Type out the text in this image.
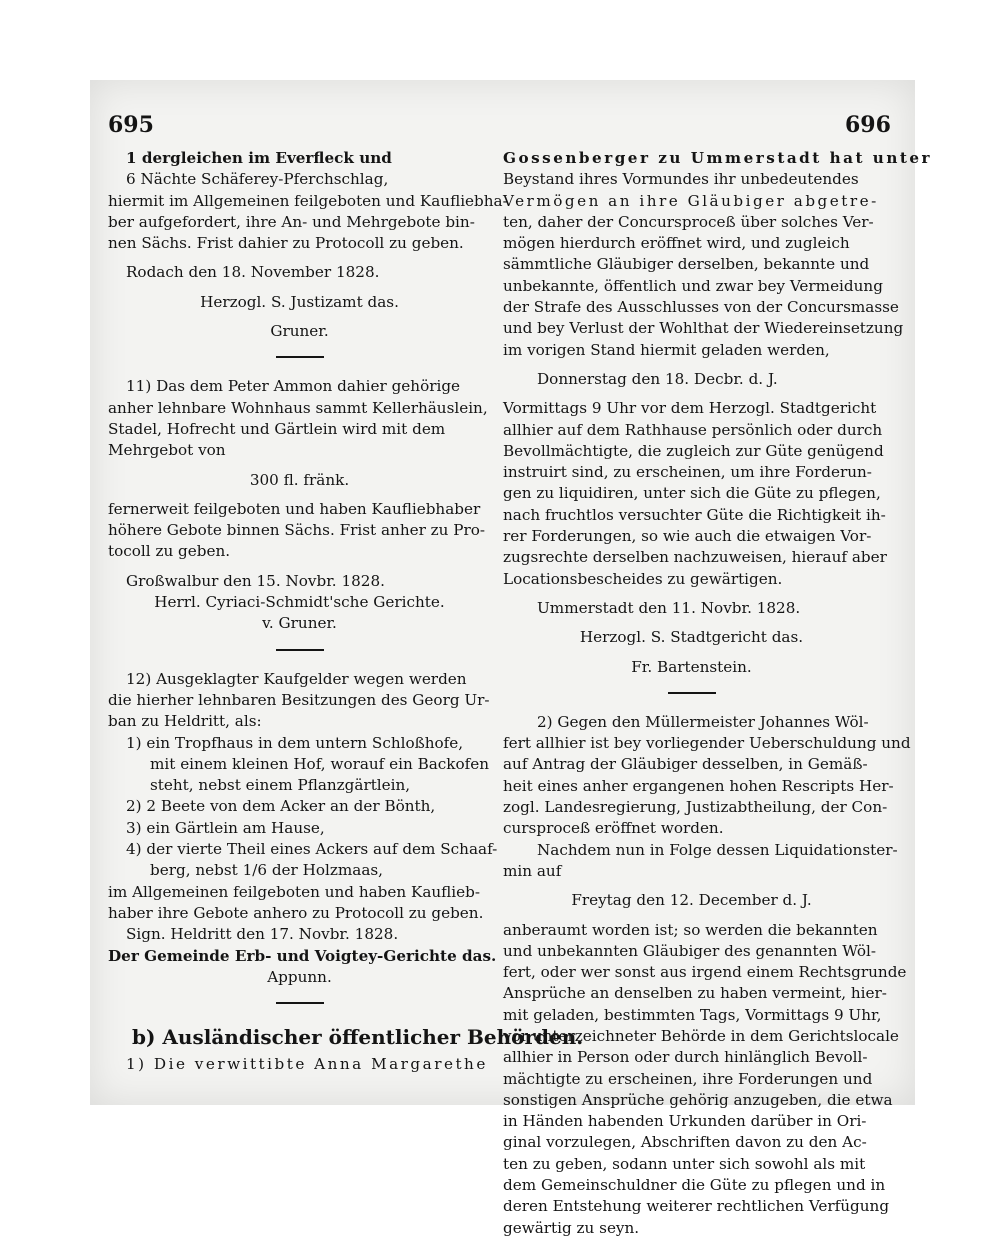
695	696
1 dergleichen im Everfleck und
6 Nächte Schäferey-Pferchschlag,
hiermit im Allgemeinen feilgeboten und Kaufliebha-
ber aufgefordert, ihre An- und Mehrgebote bin-
nen Sächs. Frist dahier zu Protocoll zu geben.
Rodach den 18. November 1828.
Herzogl. S. Justizamt das.
Gruner.
11) Das dem Peter Ammon dahier gehörige
anher lehnbare Wohnhaus sammt Kellerhäuslein,
Stadel, Hofrecht und Gärtlein wird mit dem
Mehrgebot von
300 fl. fränk.
fernerweit feilgeboten und haben Kaufliebhaber
höhere Gebote binnen Sächs. Frist anher zu Pro-
tocoll zu geben.
Großwalbur den 15. Novbr. 1828.
Herrl. Cyriaci-Schmidt'sche Gerichte.
v. Gruner.
12) Ausgeklagter Kaufgelder wegen werden
die hierher lehnbaren Besitzungen des Georg Ur-
ban zu Heldritt, als:
1) ein Tropfhaus in dem untern Schloßhofe,
mit einem kleinen Hof, worauf ein Backofen
steht, nebst einem Pflanzgärtlein,
2) 2 Beete von dem Acker an der Bönth,
3) ein Gärtlein am Hause,
4) der vierte Theil eines Ackers auf dem Schaaf-
berg, nebst 1/6 der Holzmaas,
im Allgemeinen feilgeboten und haben Kauflieb-
haber ihre Gebote anhero zu Protocoll zu geben.
Sign. Heldritt den 17. Novbr. 1828.
Der Gemeinde Erb- und Voigtey-Gerichte das.
Appunn.
b) Ausländischer öffentlicher Behörden.
1) Die verwittibte Anna Margarethe
Gossenberger zu Ummerstadt hat unter
Beystand ihres Vormundes ihr unbedeutendes
Vermögen an ihre Gläubiger abgetre-
ten, daher der Concursproceß über solches Ver-
mögen hierdurch eröffnet wird, und zugleich
sämmtliche Gläubiger derselben, bekannte und
unbekannte, öffentlich und zwar bey Vermeidung
der Strafe des Ausschlusses von der Concursmasse
und bey Verlust der Wohlthat der Wiedereinsetzung
im vorigen Stand hiermit geladen werden,
Donnerstag den 18. Decbr. d. J.
Vormittags 9 Uhr vor dem Herzogl. Stadtgericht
allhier auf dem Rathhause persönlich oder durch
Bevollmächtigte, die zugleich zur Güte genügend
instruirt sind, zu erscheinen, um ihre Forderun-
gen zu liquidiren, unter sich die Güte zu pflegen,
nach fruchtlos versuchter Güte die Richtigkeit ih-
rer Forderungen, so wie auch die etwaigen Vor-
zugsrechte derselben nachzuweisen, hierauf aber
Locationsbescheides zu gewärtigen.
Ummerstadt den 11. Novbr. 1828.
Herzogl. S. Stadtgericht das.
Fr. Bartenstein.
2) Gegen den Müllermeister Johannes Wöl-
fert allhier ist bey vorliegender Ueberschuldung und
auf Antrag der Gläubiger desselben, in Gemäß-
heit eines anher ergangenen hohen Rescripts Her-
zogl. Landesregierung, Justizabtheilung, der Con-
cursproceß eröffnet worden.
Nachdem nun in Folge dessen Liquidationster-
min auf
Freytag den 12. December d. J.
anberaumt worden ist; so werden die bekannten
und unbekannten Gläubiger des genannten Wöl-
fert, oder wer sonst aus irgend einem Rechtsgrunde
Ansprüche an denselben zu haben vermeint, hier-
mit geladen, bestimmten Tags, Vormittags 9 Uhr,
vor unterzeichneter Behörde in dem Gerichtslocale
allhier in Person oder durch hinlänglich Bevoll-
mächtigte zu erscheinen, ihre Forderungen und
sonstigen Ansprüche gehörig anzugeben, die etwa
in Händen habenden Urkunden darüber in Ori-
ginal vorzulegen, Abschriften davon zu den Ac-
ten zu geben, sodann unter sich sowohl als mit
dem Gemeinschuldner die Güte zu pflegen und in
deren Entstehung weiterer rechtlichen Verfügung
gewärtig zu seyn.
